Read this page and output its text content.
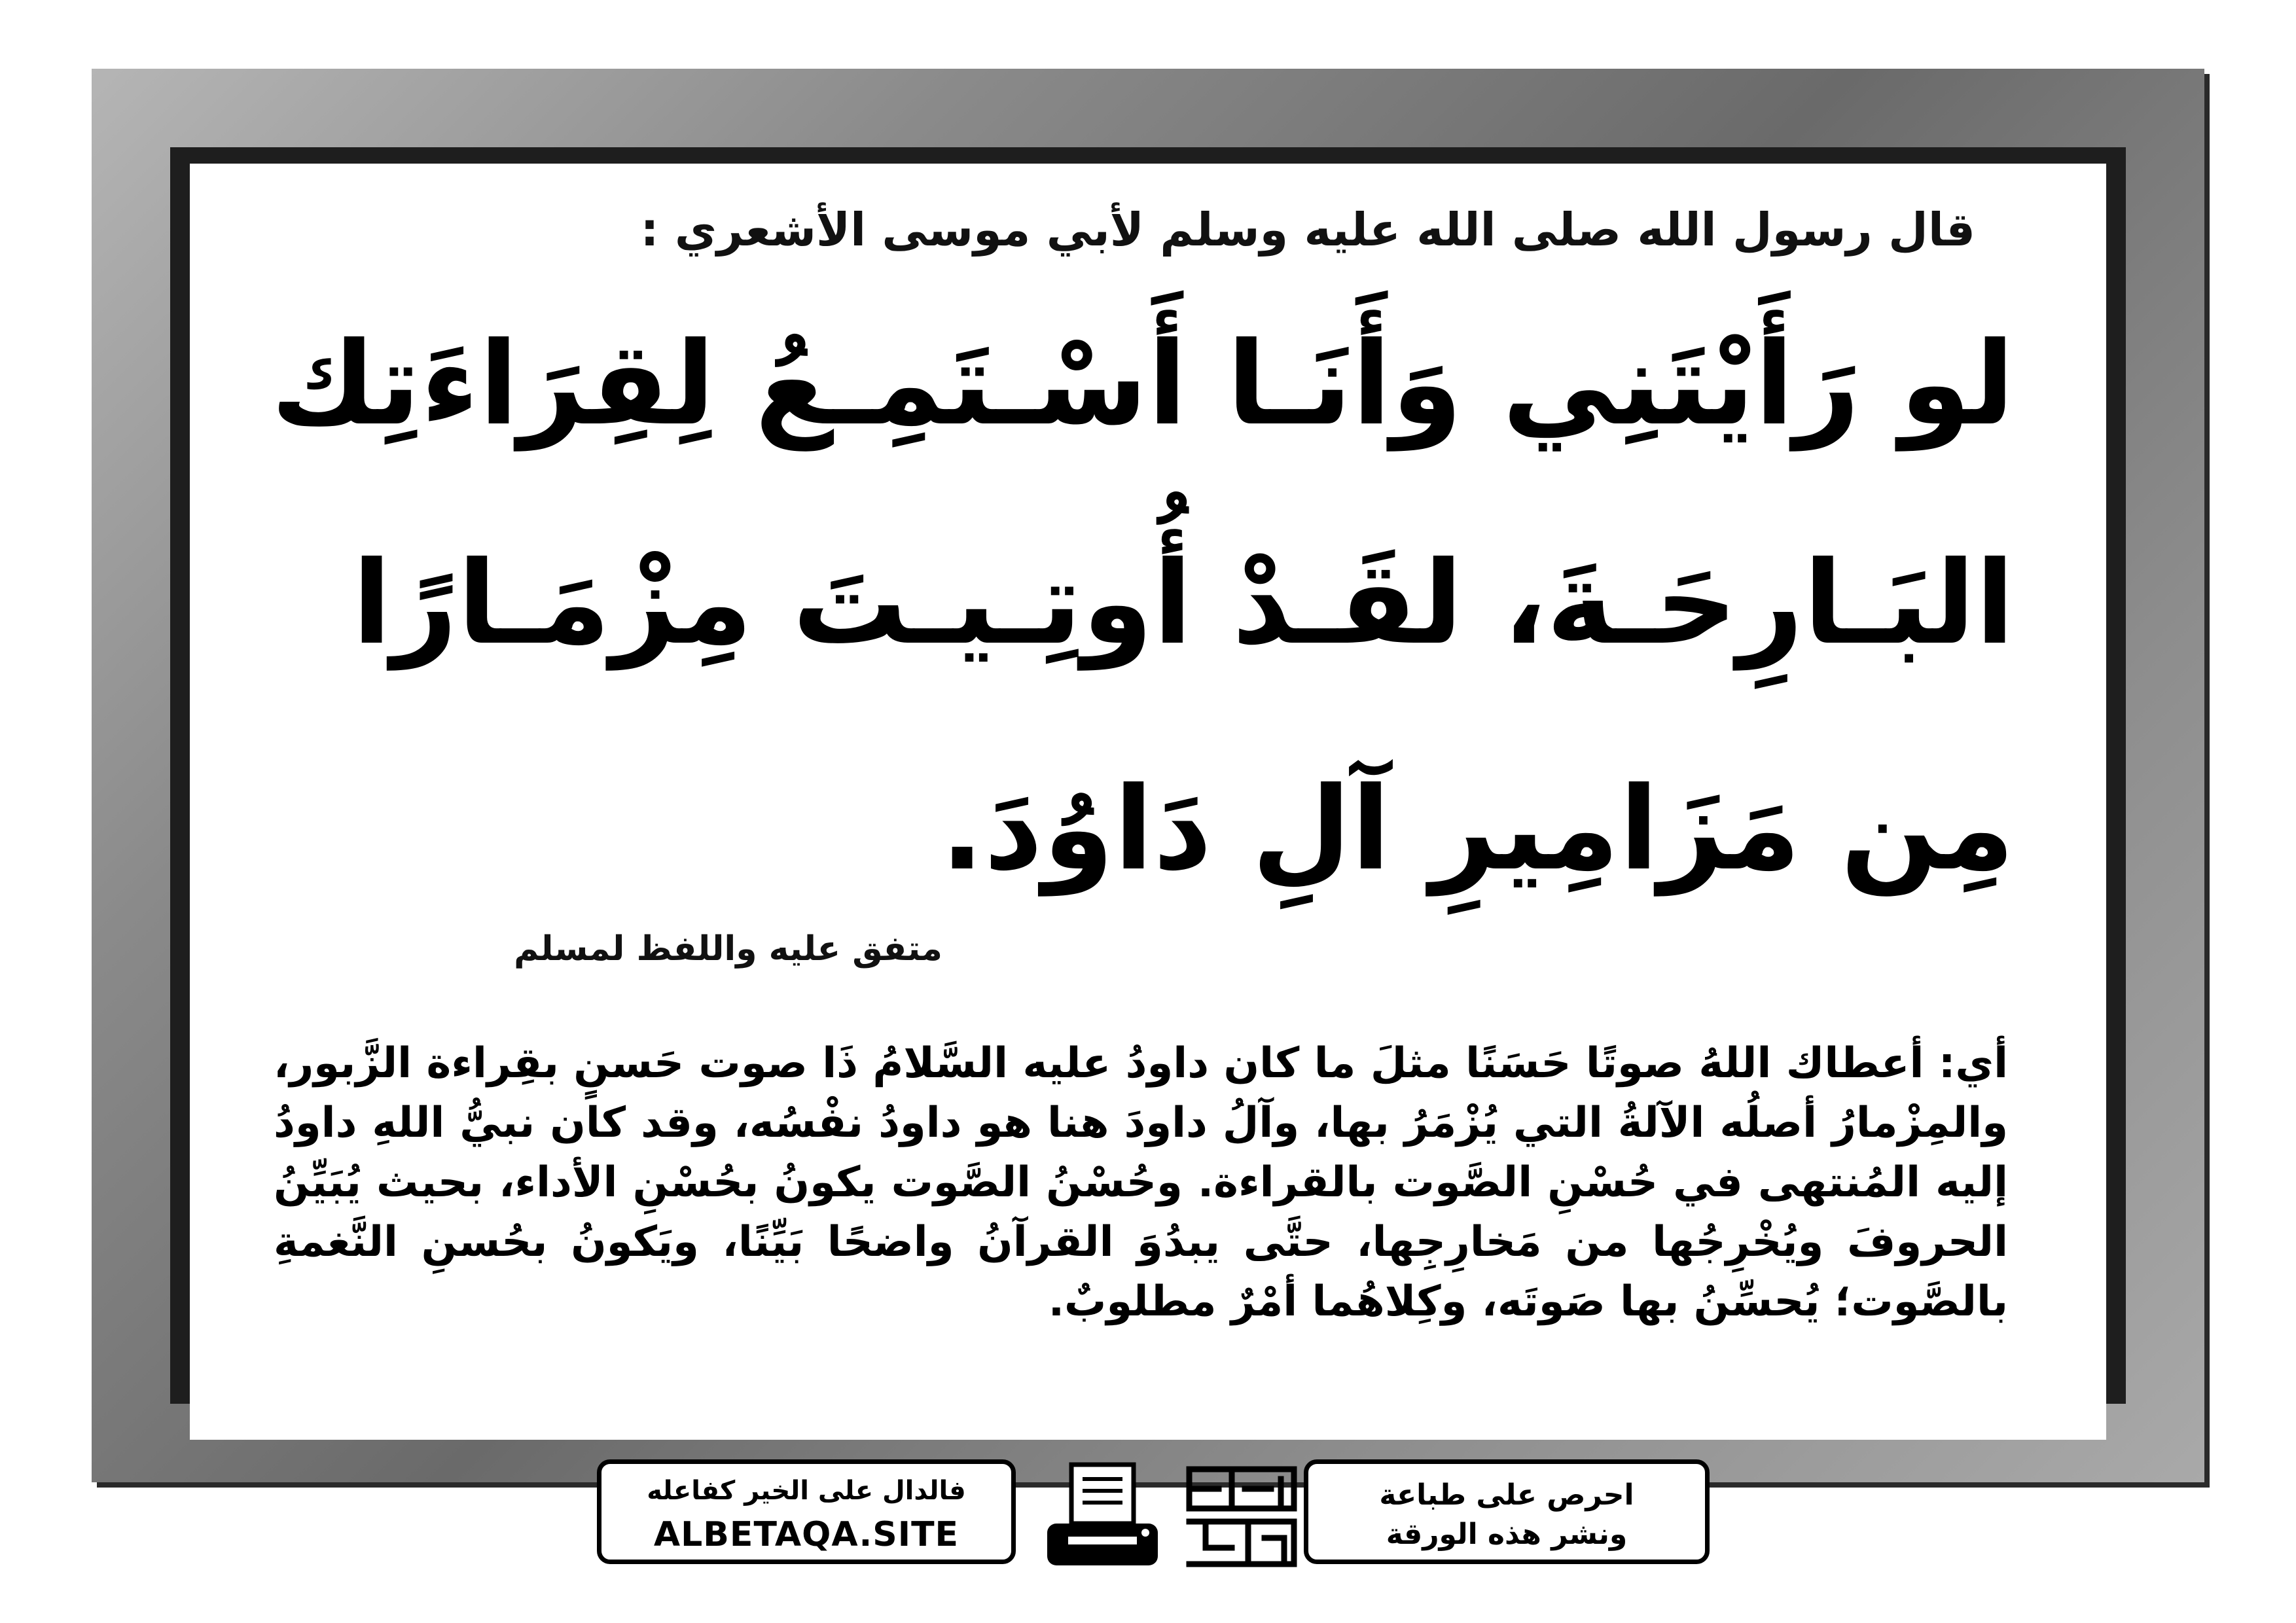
قال رسول الله صلى الله عليه وسلم لأبي موسى الأشعري :
لو رَأَيْتَنِي وَأَنَـا أَسْـتَمِـعُ لِقِرَاءَتِك
البَـارِحَـةَ، لقَـدْ أُوتِـيـتَ مِزْمَـارًا
مِن مَزَامِيرِ آلِ دَاوُدَ.
متفق عليه واللفظ لمسلم
أي: أعطاك اللهُ صوتًا حَسَنًا مثلَ ما كان داودُ عليه السَّلامُ ذَا صوت حَسنٍ بقِراءة الزَّبور، والمِزْمارُ أصلُه الآلةُ التي يُزْمَرُ بها، وآلُ داودَ هنا هو داودُ نفْسُه، وقد كان نبيُّ اللهِ داودُ إليه المُنتهى في حُسْنِ الصَّوت بالقراءة. وحُسْنُ الصَّوت يكونُ بحُسْنِ الأداء، بحيث يُبَيِّنُ الحروفَ ويُخْرِجُها من مَخارِجِها، حتَّى يبدُوَ القرآنُ واضحًا بَيِّنًا، ويَكونُ بحُسنِ النَّغمةِ بالصَّوت؛ يُحسِّنُ بها صَوتَه، وكِلاهُما أمْرٌ مطلوبٌ.
فالدال على الخير كفاعله
ALBETAQA.SITE
احرص على طباعة
ونشر هذه الورقة
